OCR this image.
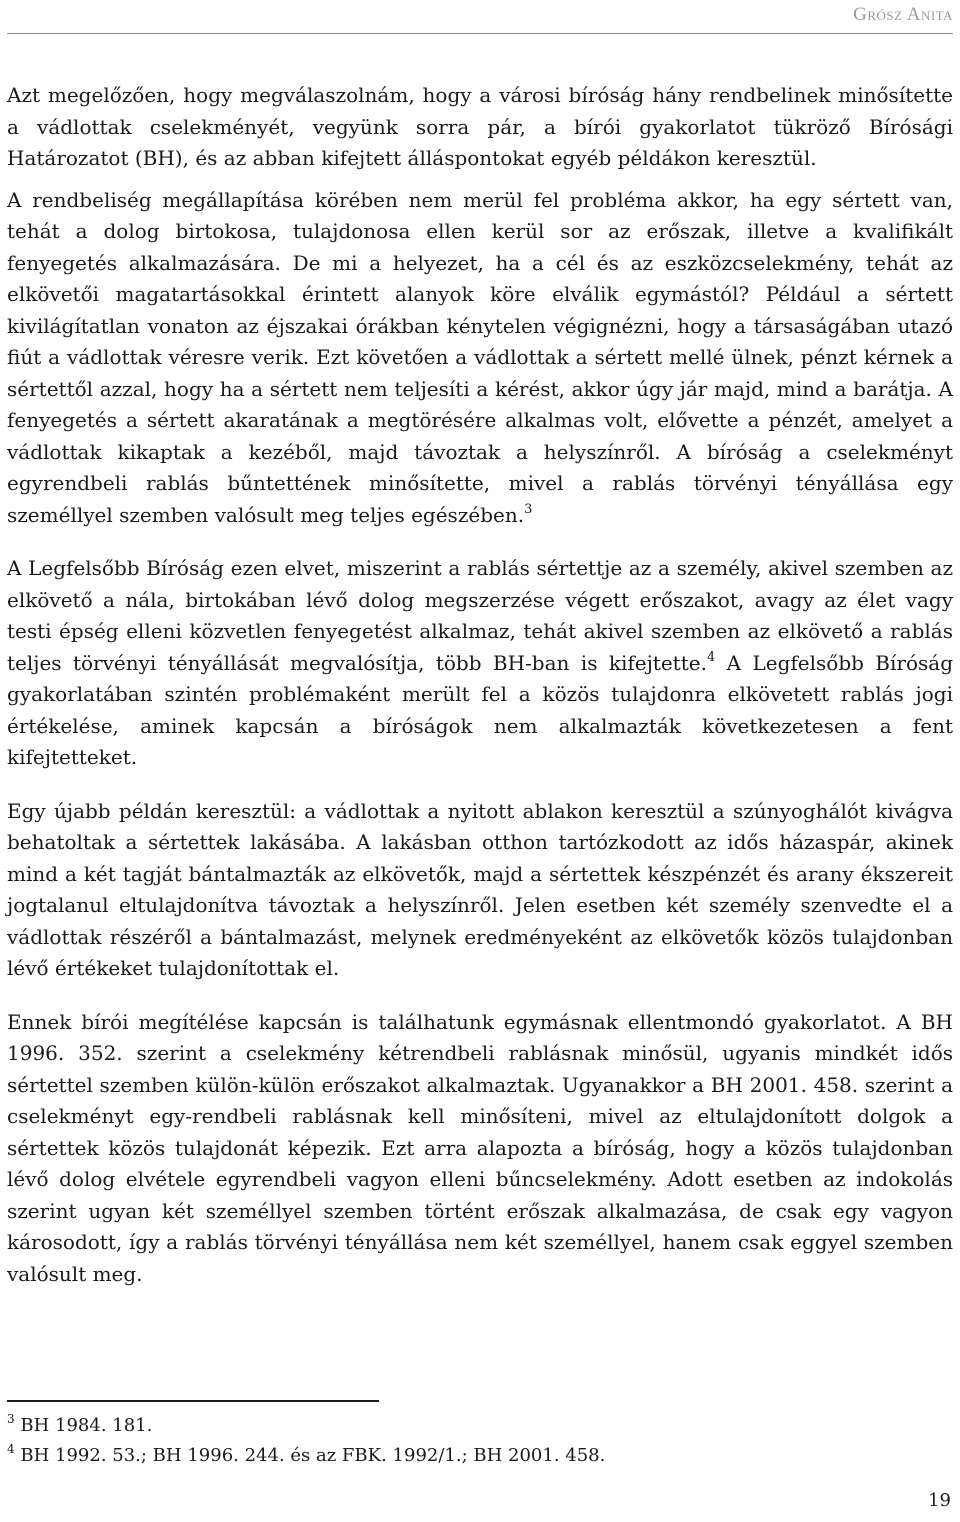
Grósz Anita

Azt megelőzően, hogy megválaszolnám, hogy a városi bíróság hány rendbelinek minősítette a vádlottak cselekményét, vegyünk sorra pár, a bírói gyakorlatot tükröző Bírósági Határozatot (BH), és az abban kifejtett álláspontokat egyéb példákon keresztül.

A rendbeliség megállapítása körében nem merül fel probléma akkor, ha egy sértett van, tehát a dolog birtokosa, tulajdonosa ellen kerül sor az erőszak, illetve a kvalifikált fenyegetés alkalmazására. De mi a helyezet, ha a cél és az eszközcselekmény, tehát az elkövetői magatartásokkal érintett alanyok köre elválik egymástól? Például a sértett kivilágítatlan vonaton az éjszakai órákban kénytelen végignézni, hogy a társaságában utazó fiút a vádlottak véresre verik. Ezt követően a vádlottak a sértett mellé ülnek, pénzt kérnek a sértettől azzal, hogy ha a sértett nem teljesíti a kérést, akkor úgy jár majd, mind a barátja. A fenyegetés a sértett akaratának a megtörésére alkalmas volt, elővette a pénzét, amelyet a vádlottak kikaptak a kezéből, majd távoztak a helyszínről. A bíróság a cselekményt egyrendbeli rablás bűntettének minősítette, mivel a rablás törvényi tényállása egy személlyel szemben valósult meg teljes egészében.$^3$

A Legfelsőbb Bíróság ezen elvet, miszerint a rablás sértettje az a személy, akivel szemben az elkövető a nála, birtokában lévő dolog megszerzése végett erőszakot, avagy az élet vagy testi épség elleni közvetlen fenyegetést alkalmaz, tehát akivel szemben az elkövető a rablás teljes törvényi tényállását megvalósítja, több BH-ban is kifejtette.$^4$ A Legfelsőbb Bíróság gyakorlatában szintén problémaként merült fel a közös tulajdonra elkövetett rablás jogi értékelése, aminek kapcsán a bíróságok nem alkalmazták következetesen a fent kifejtetteket.

Egy újabb példán keresztül: a vádlottak a nyitott ablakon keresztül a szúnyoghálót kivágva behatoltak a sértettek lakásába. A lakásban otthon tartózkodott az idős házaspár, akinek mind a két tagját bántalmazták az elkövetők, majd a sértettek készpénzét és arany ékszereit jogtalanul eltulajdonítva távoztak a helyszínről. Jelen esetben két személy szenvedte el a vádlottak részéről a bántalmazást, melynek eredményeként az elkövetők közös tulajdonban lévő értékeket tulajdonítottak el.

Ennek bírói megítélése kapcsán is találhatunk egymásnak ellentmondó gyakorlatot. A BH 1996. 352. szerint a cselekmény kétrendbeli rablásnak minősül, ugyanis mindkét idős sértettel szemben külön-külön erőszakot alkalmaztak. Ugyanakkor a BH 2001. 458. szerint a cselekményt egy-rendbeli rablásnak kell minősíteni, mivel az eltulajdonított dolgok a sértettek közös tulajdonát képezik. Ezt arra alapozta a bíróság, hogy a közös tulajdonban lévő dolog elvétele egyrendbeli vagyon elleni bűncselekmény. Adott esetben az indokolás szerint ugyan két személlyel szemben történt erőszak alkalmazása, de csak egy vagyon károsodott, így a rablás törvényi tényállása nem két személlyel, hanem csak eggyel szemben valósult meg.

$^3$ BH 1984. 181.
$^4$ BH 1992. 53.; BH 1996. 244. és az FBK. 1992/1.; BH 2001. 458.
19
